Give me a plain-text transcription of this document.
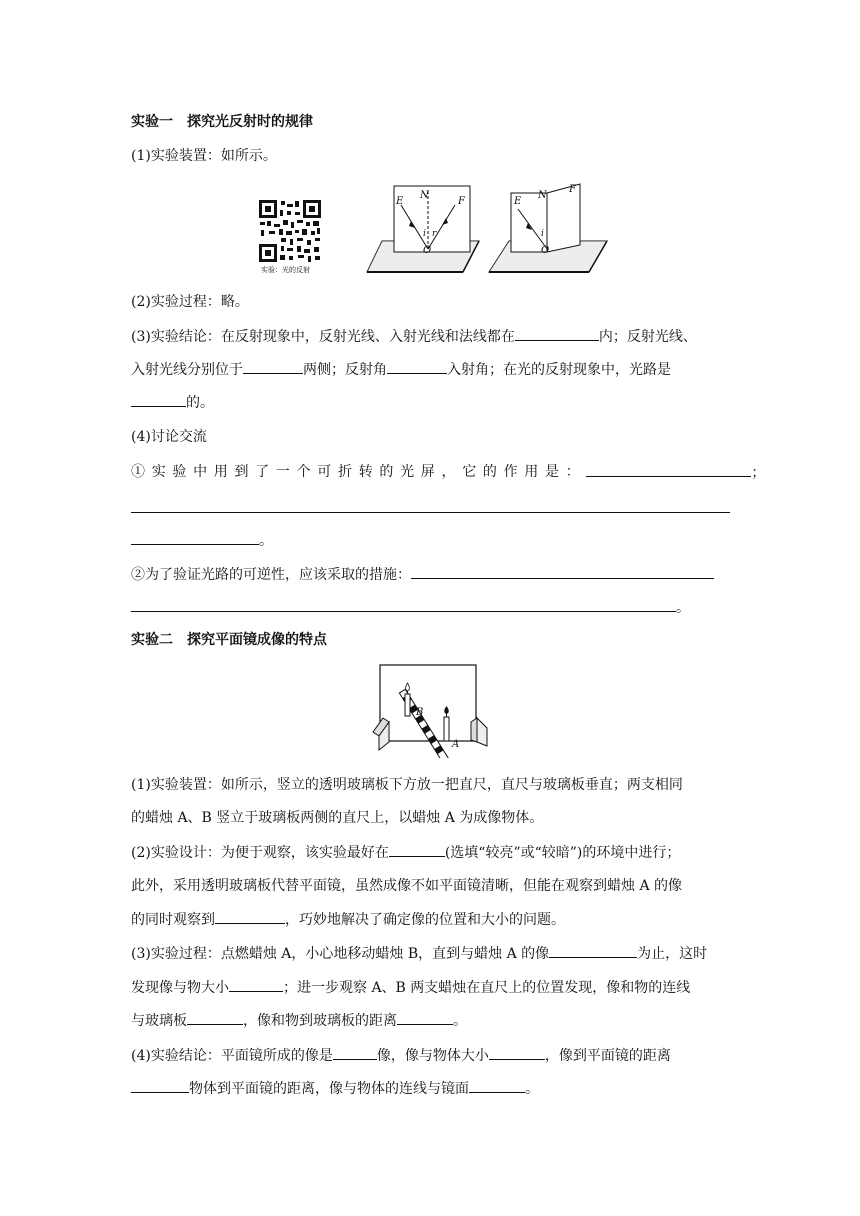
实验一　探究光反射时的规律
(1)实验装置：如所示。
实验：光的反射
E
N
F
i r
O
E
N
F
i
O
(2)实验过程：略。
(3)实验结论：在反射现象中，反射光线、入射光线和法线都在	内；反射光线、
入射光线分别位于	两侧；反射角	入射角；在光的反射现象中，光路是
的。
(4)讨论交流
①实验中用到了一个可折转的光屏，它的作用是：	；
。
②为了验证光路的可逆性，应该采取的措施：
。
实验二　探究平面镜成像的特点
B
A
(1)实验装置：如所示，竖立的透明玻璃板下方放一把直尺，直尺与玻璃板垂直；两支相同
的蜡烛 A、B 竖立于玻璃板两侧的直尺上，以蜡烛 A 为成像物体。
(2)实验设计：为便于观察，该实验最好在	(选填“较亮”或“较暗”)的环境中进行；
此外，采用透明玻璃板代替平面镜，虽然成像不如平面镜清晰，但能在观察到蜡烛 A 的像
的同时观察到	，巧妙地解决了确定像的位置和大小的问题。
(3)实验过程：点燃蜡烛 A，小心地移动蜡烛 B，直到与蜡烛 A 的像	为止，这时
发现像与物大小	；进一步观察 A、B 两支蜡烛在直尺上的位置发现，像和物的连线
与玻璃板	，像和物到玻璃板的距离	。
(4)实验结论：平面镜所成的像是	像，像与物体大小	，像到平面镜的距离
物体到平面镜的距离，像与物体的连线与镜面	。
